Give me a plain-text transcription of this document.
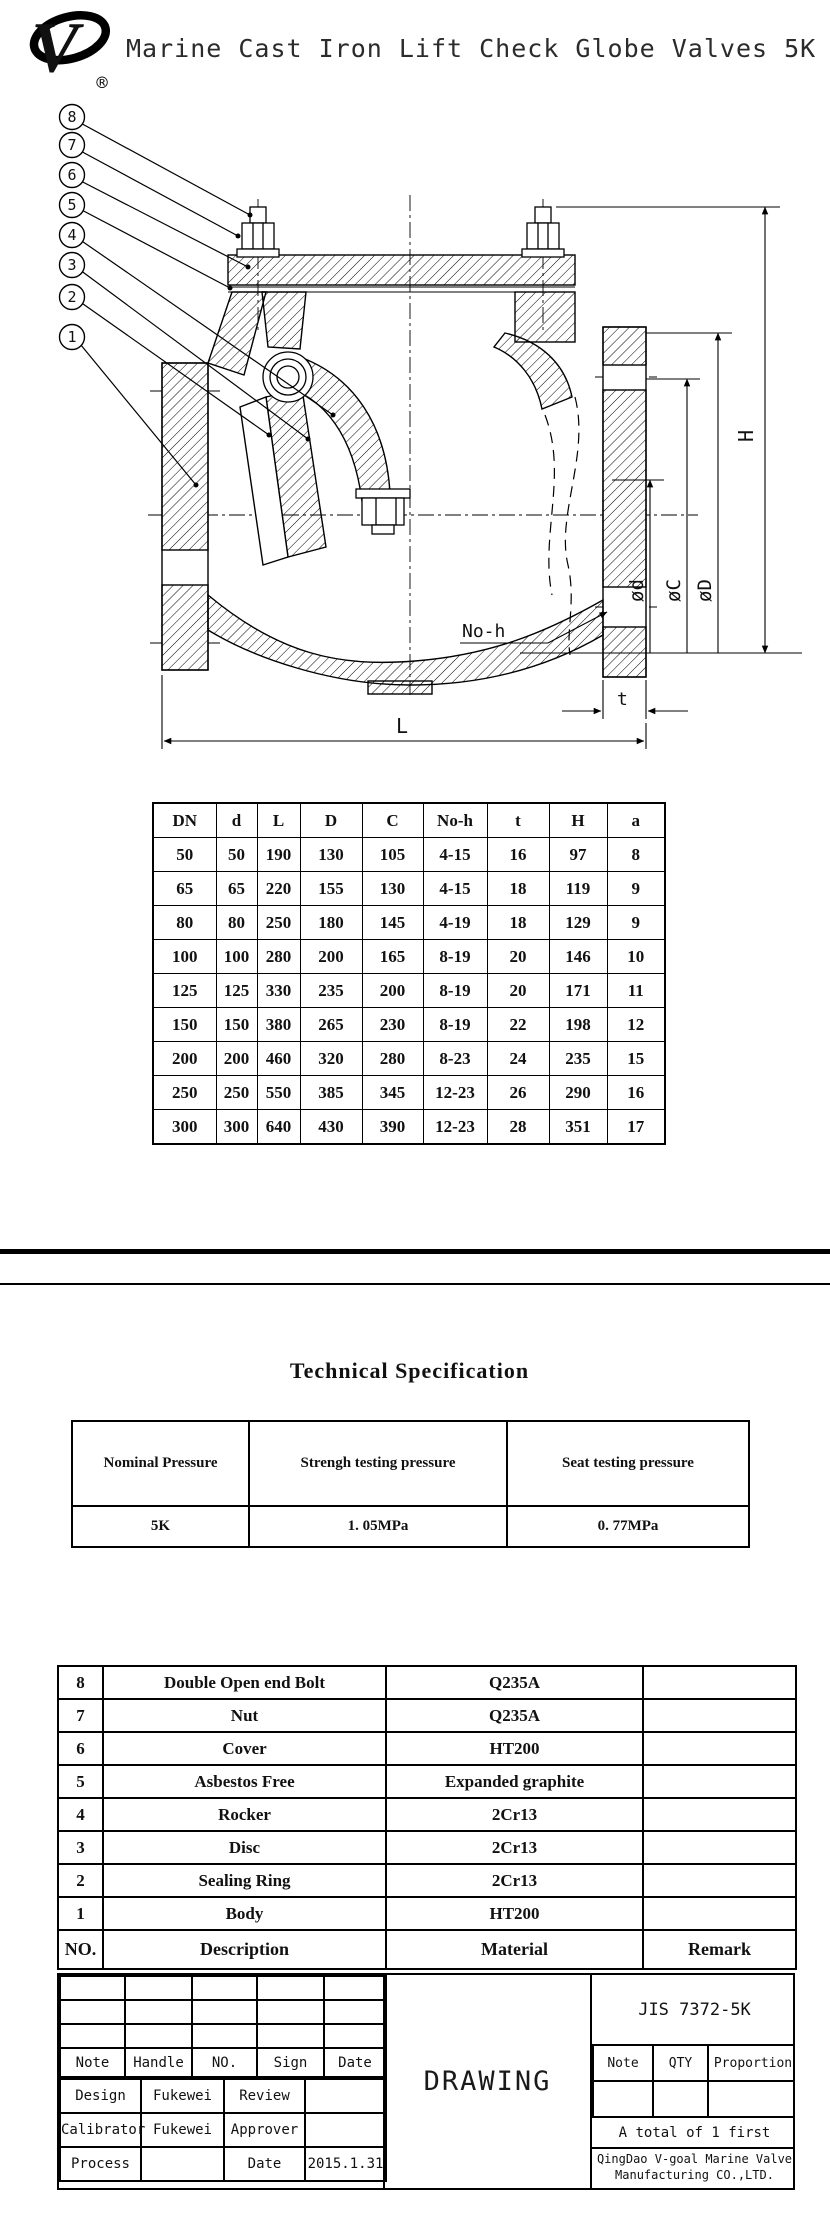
V ®
Marine Cast Iron Lift Check Globe Valves 5K
H
ød øC øD
No-h
t
L
8
7
6
5
4
3
2
1
DN	d	L	D	C	No-h	t	H	a
50	50	190	130	105	4-15	16	97	8
65	65	220	155	130	4-15	18	119	9
80	80	250	180	145	4-19	18	129	9
100	100	280	200	165	8-19	20	146	10
125	125	330	235	200	8-19	20	171	11
150	150	380	265	230	8-19	22	198	12
200	200	460	320	280	8-23	24	235	15
250	250	550	385	345	12-23	26	290	16
300	300	640	430	390	12-23	28	351	17
Technical Specification
Nominal Pressure	Strengh testing pressure	Seat testing pressure
5K	1. 05MPa	0. 77MPa
8	Double Open end Bolt	Q235A	
7	Nut	Q235A	
6	Cover	HT200	
5	Asbestos Free	Expanded graphite	
4	Rocker	2Cr13	
3	Disc	2Cr13	
2	Sealing Ring	2Cr13	
1	Body	HT200	
NO.	Description	Material	Remark

Note	Handle	NO.	Sign	Date
Design	Fukewei	Review	
Calibrator	Fukewei	Approver	
Process		Date	2015.1.31
DRAWING
JIS 7372-5K
Note	QTY	Proportion

A total of 1 first
QingDao V-goal Marine Valve
Manufacturing CO.,LTD.
